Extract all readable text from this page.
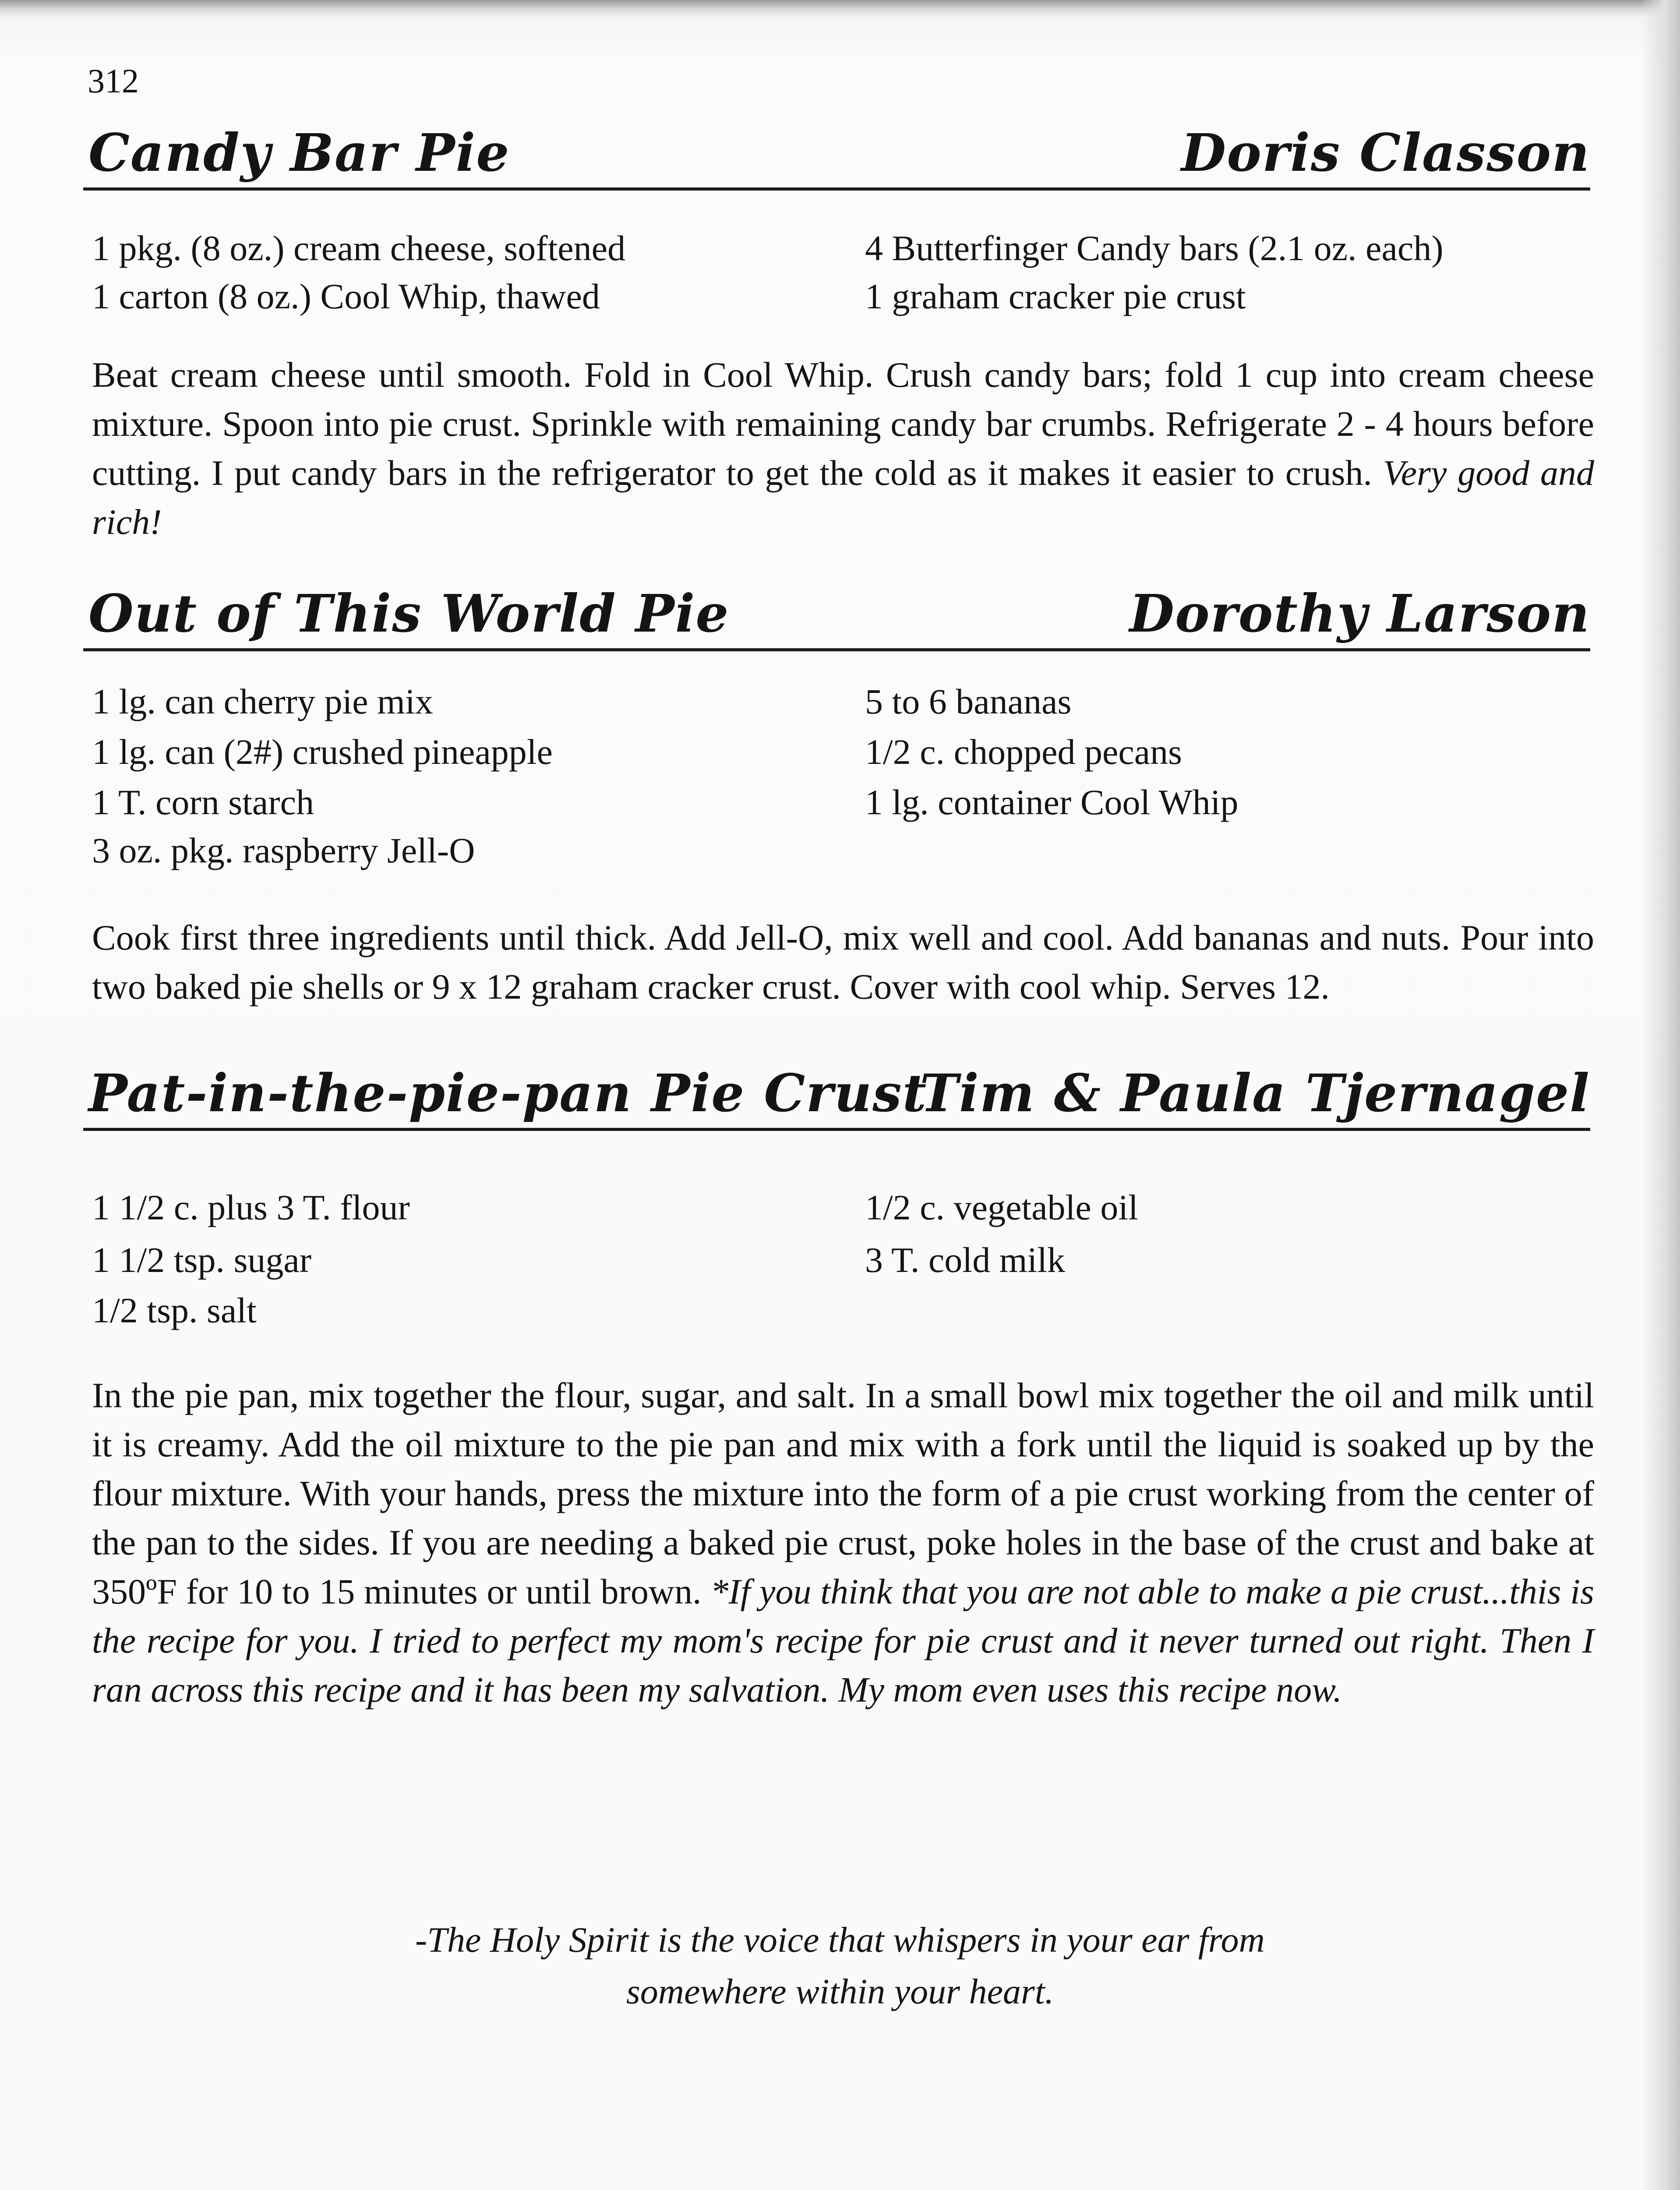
312
Candy Bar Pie	Doris Classon
1 pkg. (8 oz.) cream cheese, softened
1 carton (8 oz.) Cool Whip, thawed
4 Butterfinger Candy bars (2.1 oz. each)
1 graham cracker pie crust
Beat cream cheese until smooth. Fold in Cool Whip. Crush candy bars; fold 1 cup into cream cheese mixture. Spoon into pie crust. Sprinkle with remaining candy bar crumbs. Refrigerate 2 - 4 hours before cutting. I put candy bars in the refrigerator to get the cold as it makes it easier to crush. Very good and rich!
Out of This World Pie	Dorothy Larson
1 lg. can cherry pie mix
1 lg. can (2#) crushed pineapple
1 T. corn starch
3 oz. pkg. raspberry Jell-O
5 to 6 bananas
1/2 c. chopped pecans
1 lg. container Cool Whip
Cook first three ingredients until thick. Add Jell-O, mix well and cool. Add bananas and nuts. Pour into two baked pie shells or 9 x 12 graham cracker crust. Cover with cool whip. Serves 12.
Pat-in-the-pie-pan Pie Crust
Tim & Paula Tjernagel
1 1/2 c. plus 3 T. flour
1 1/2 tsp. sugar
1/2 tsp. salt
1/2 c. vegetable oil
3 T. cold milk
In the pie pan, mix together the flour, sugar, and salt. In a small bowl mix together the oil and milk until it is creamy. Add the oil mixture to the pie pan and mix with a fork until the liquid is soaked up by the flour mixture. With your hands, press the mixture into the form of a pie crust working from the center of the pan to the sides. If you are needing a baked pie crust, poke holes in the base of the crust and bake at 350ºF for 10 to 15 minutes or until brown. *If you think that you are not able to make a pie crust...this is the recipe for you. I tried to perfect my mom's recipe for pie crust and it never turned out right. Then I ran across this recipe and it has been my salvation. My mom even uses this recipe now.
-The Holy Spirit is the voice that whispers in your ear from
somewhere within your heart.
